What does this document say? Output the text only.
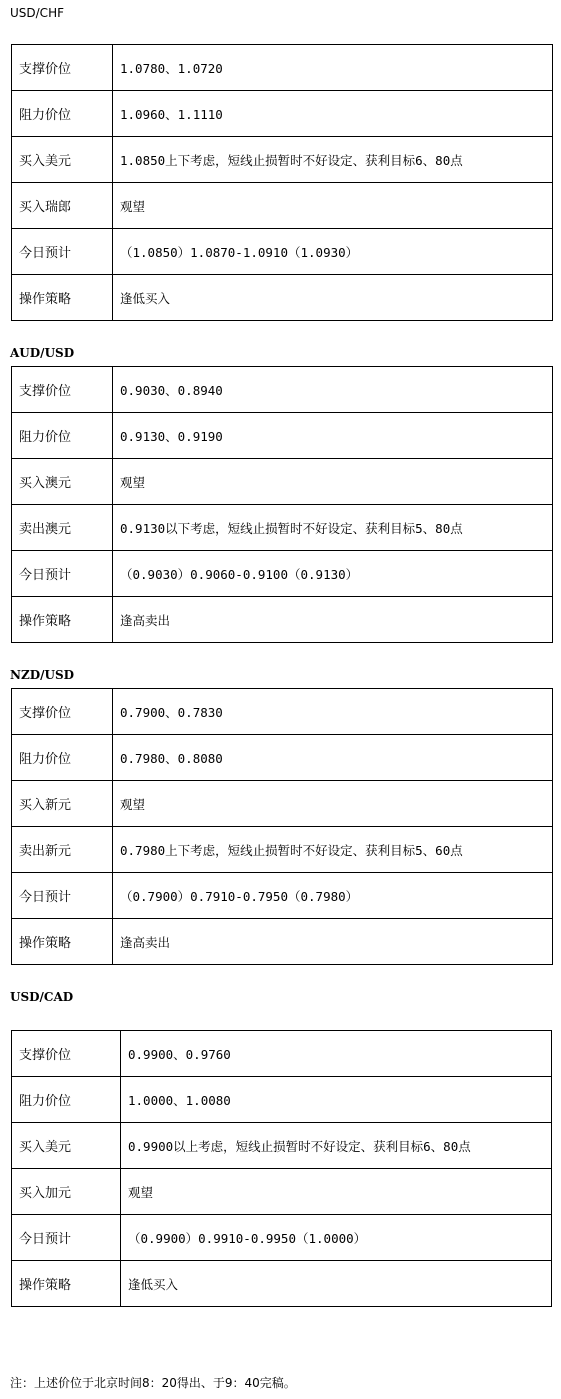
USD/CHF
支撑价位	1.0780、1.0720
阻力价位	1.0960、1.1110
买入美元	1.0850上下考虑，短线止损暂时不好设定、获利目标6、80点
买入瑞郎	观望
今日预计	（1.0850）1.0870-1.0910（1.0930）
操作策略	逢低买入
AUD/USD
支撑价位	0.9030、0.8940
阻力价位	0.9130、0.9190
买入澳元	观望
卖出澳元	0.9130以下考虑，短线止损暂时不好设定、获利目标5、80点
今日预计	（0.9030）0.9060-0.9100（0.9130）
操作策略	逢高卖出
NZD/USD
支撑价位	0.7900、0.7830
阻力价位	0.7980、0.8080
买入新元	观望
卖出新元	0.7980上下考虑，短线止损暂时不好设定、获利目标5、60点
今日预计	（0.7900）0.7910-0.7950（0.7980）
操作策略	逢高卖出
USD/CAD
支撑价位	0.9900、0.9760
阻力价位	1.0000、1.0080
买入美元	0.9900以上考虑，短线止损暂时不好设定、获利目标6、80点
买入加元	观望
今日预计	（0.9900）0.9910-0.9950（1.0000）
操作策略	逢低买入
注：上述价位于北京时间8：20得出、于9：40完稿。
